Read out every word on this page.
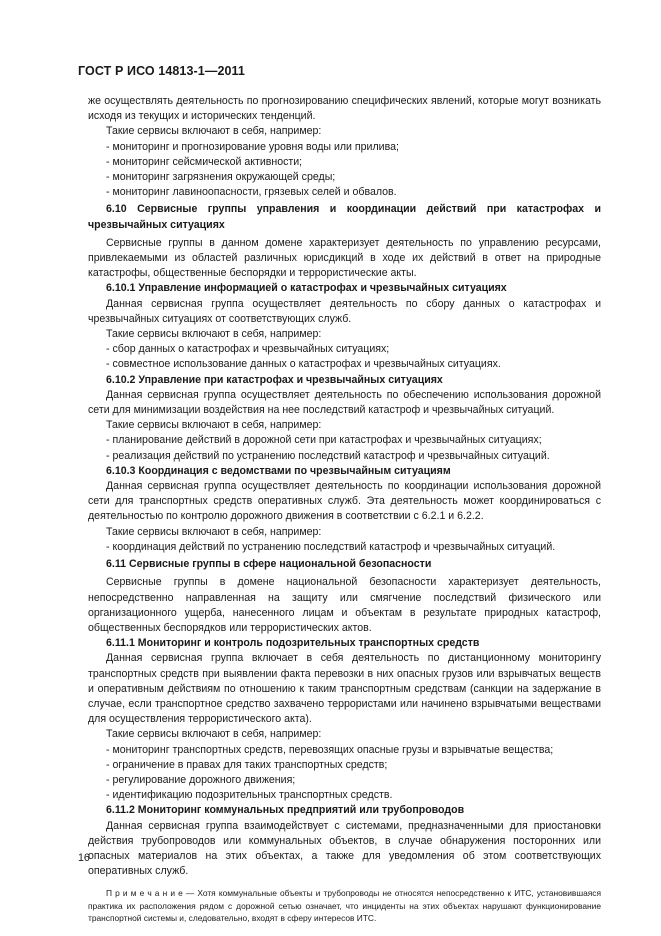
ГОСТ Р ИСО 14813-1—2011

же осуществлять деятельность по прогнозированию специфических явлений, которые могут возникать исходя из текущих и исторических тенденций.

Такие сервисы включают в себя, например:

- мониторинг и прогнозирование уровня воды или прилива;

- мониторинг сейсмической активности;

- мониторинг загрязнения окружающей среды;

- мониторинг лавиноопасности, грязевых селей и обвалов.

6.10 Сервисные группы управления и координации действий при катастрофах и чрезвычайных ситуациях

Сервисные группы в данном домене характеризует деятельность по управлению ресурсами, привлекаемыми из областей различных юрисдикций в ходе их действий в ответ на природные катастрофы, общественные беспорядки и террористические акты.

6.10.1 Управление информацией о катастрофах и чрезвычайных ситуациях

Данная сервисная группа осуществляет деятельность по сбору данных о катастрофах и чрезвычайных ситуациях от соответствующих служб.

Такие сервисы включают в себя, например:

- сбор данных о катастрофах и чрезвычайных ситуациях;

- совместное использование данных о катастрофах и чрезвычайных ситуациях.

6.10.2 Управление при катастрофах и чрезвычайных ситуациях

Данная сервисная группа осуществляет деятельность по обеспечению использования дорожной сети для минимизации воздействия на нее последствий катастроф и чрезвычайных ситуаций.

Такие сервисы включают в себя, например:

- планирование действий в дорожной сети при катастрофах и чрезвычайных ситуациях;

- реализация действий по устранению последствий катастроф и чрезвычайных ситуаций.

6.10.3 Координация с ведомствами по чрезвычайным ситуациям

Данная сервисная группа осуществляет деятельность по координации использования дорожной сети для транспортных средств оперативных служб. Эта деятельность может координироваться с деятельностью по контролю дорожного движения в соответствии с 6.2.1 и 6.2.2.

Такие сервисы включают в себя, например:

- координация действий по устранению последствий катастроф и чрезвычайных ситуаций.

6.11 Сервисные группы в сфере национальной безопасности

Сервисные группы в домене национальной безопасности характеризует деятельность, непосредственно направленная на защиту или смягчение последствий физического или организационного ущерба, нанесенного лицам и объектам в результате природных катастроф, общественных беспорядков или террористических актов.

6.11.1 Мониторинг и контроль подозрительных транспортных средств

Данная сервисная группа включает в себя деятельность по дистанционному мониторингу транспортных средств при выявлении факта перевозки в них опасных грузов или взрывчатых веществ и оперативным действиям по отношению к таким транспортным средствам (санкции на задержание в случае, если транспортное средство захвачено террористами или начинено взрывчатыми веществами для осуществления террористического акта).

Такие сервисы включают в себя, например:

- мониторинг транспортных средств, перевозящих опасные грузы и взрывчатые вещества;

- ограничение в правах для таких транспортных средств;

- регулирование дорожного движения;

- идентификацию подозрительных транспортных средств.

6.11.2 Мониторинг коммунальных предприятий или трубопроводов

Данная сервисная группа взаимодействует с системами, предназначенными для приостановки действия трубопроводов или коммунальных объектов, в случае обнаружения посторонних или опасных материалов на этих объектах, а также для уведомления об этом соответствующих оперативных служб.

П р и м е ч а н и е — Хотя коммунальные объекты и трубопроводы не относятся непосредственно к ИТС, установившаяся практика их расположения рядом с дорожной сетью означает, что инциденты на этих объектах нарушают функционирование транспортной системы и, следовательно, входят в сферу интересов ИТС.

16
